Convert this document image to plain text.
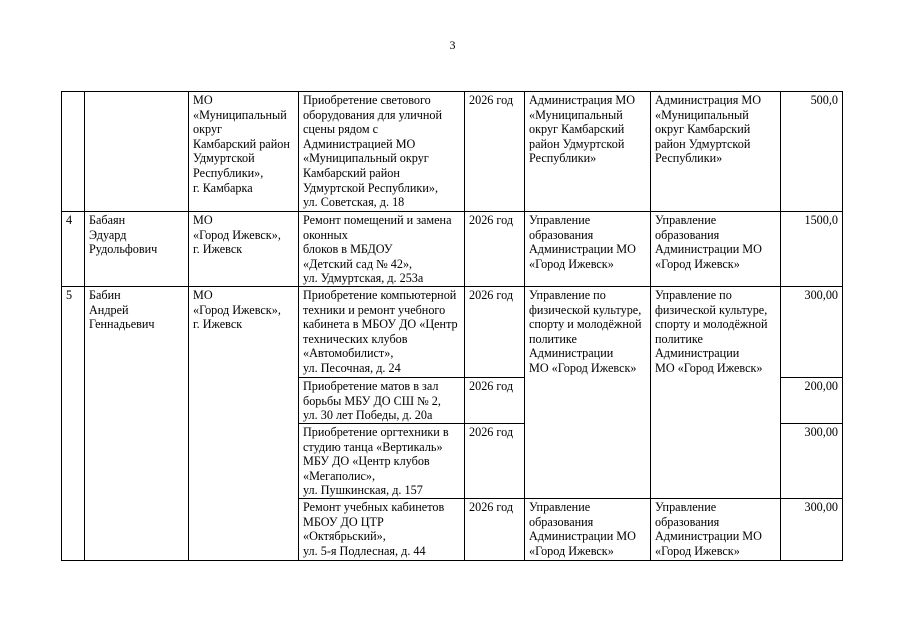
3
		МО
«Муниципальный округ
Камбарский район
Удмуртской Республики»,
г. Камбарка	Приобретение светового оборудования для уличной сцены рядом с Администрацией МО «Муниципальный округ Камбарский район Удмуртской Республики»,
ул. Советская, д. 18	2026 год	Администрация МО «Муниципальный округ Камбарский район Удмуртской Республики»	Администрация МО «Муниципальный округ Камбарский район Удмуртской Республики»	500,0
4	Бабаян
Эдуард
Рудольфович	МО
«Город Ижевск»,
г. Ижевск	Ремонт помещений и замена оконных
блоков в МБДОУ
«Детский сад № 42»,
ул. Удмуртская, д. 253а	2026 год	Управление образования Администрации МО «Город Ижевск»	Управление образования Администрации МО «Город Ижевск»	1500,0
5	Бабин
Андрей
Геннадьевич	МО
«Город Ижевск»,
г. Ижевск	Приобретение компьютерной техники и ремонт учебного кабинета в МБОУ ДО «Центр технических клубов «Автомобилист»,
ул. Песочная, д. 24	2026 год	Управление по физической культуре, спорту и молодёжной политике Администрации
МО «Город Ижевск»	Управление по физической культуре, спорту и молодёжной политике Администрации
МО «Город Ижевск»	300,00
			Приобретение матов в зал борьбы МБУ ДО СШ № 2,
ул. 30 лет Победы, д. 20а	2026 год			200,00
			Приобретение оргтехники в студию танца «Вертикаль» МБУ ДО «Центр клубов «Мегаполис»,
ул. Пушкинская, д. 157	2026 год			300,00
			Ремонт учебных кабинетов МБОУ ДО ЦТР «Октябрьский»,
ул. 5-я Подлесная, д. 44	2026 год	Управление образования Администрации МО «Город Ижевск»	Управление образования Администрации МО «Город Ижевск»	300,00
